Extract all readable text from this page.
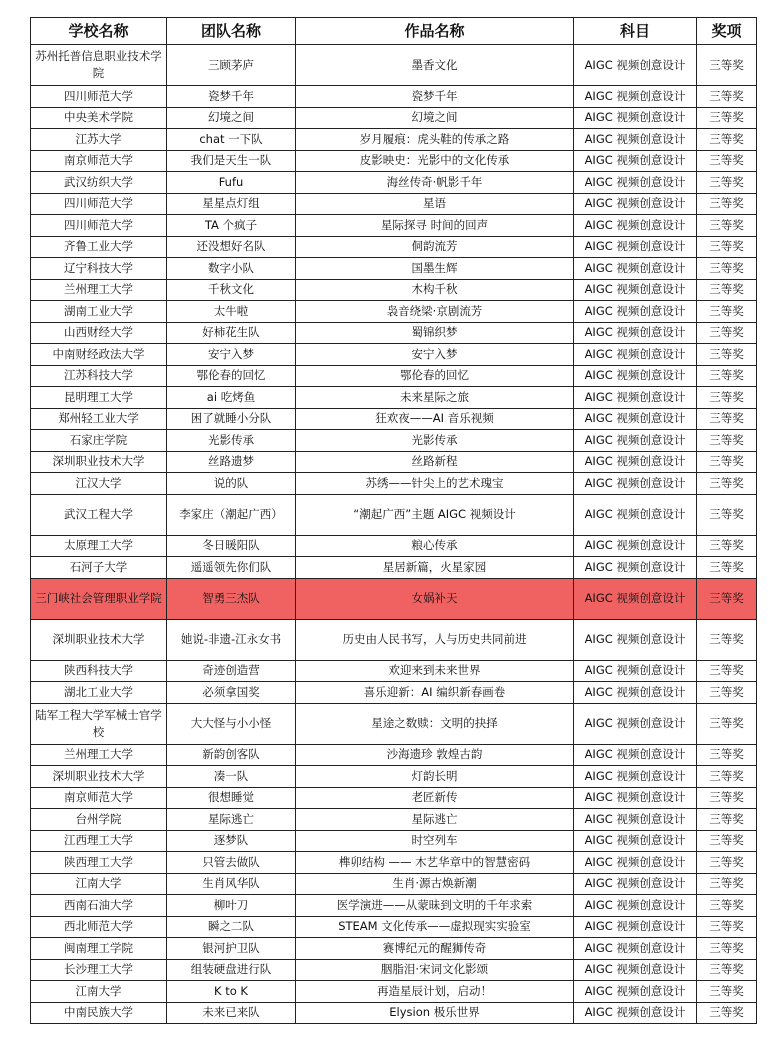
学校名称	团队名称	作品名称	科目	奖项
苏州托普信息职业技术学院	三顾茅庐	墨香文化	AIGC 视频创意设计	三等奖
四川师范大学	瓷梦千年	瓷梦千年	AIGC 视频创意设计	三等奖
中央美术学院	幻境之间	幻境之间	AIGC 视频创意设计	三等奖
江苏大学	chat 一下队	岁月履痕：虎头鞋的传承之路	AIGC 视频创意设计	三等奖
南京师范大学	我们是天生一队	皮影映史：光影中的文化传承	AIGC 视频创意设计	三等奖
武汉纺织大学	Fufu	海丝传奇·帆影千年	AIGC 视频创意设计	三等奖
四川师范大学	星星点灯组	星语	AIGC 视频创意设计	三等奖
四川师范大学	TA 个疯子	星际探寻 时间的回声	AIGC 视频创意设计	三等奖
齐鲁工业大学	还没想好名队	侗韵流芳	AIGC 视频创意设计	三等奖
辽宁科技大学	数字小队	国墨生辉	AIGC 视频创意设计	三等奖
兰州理工大学	千秋文化	木构千秋	AIGC 视频创意设计	三等奖
湖南工业大学	太牛啦	袅音绕梁·京剧流芳	AIGC 视频创意设计	三等奖
山西财经大学	好柿花生队	蜀锦织梦	AIGC 视频创意设计	三等奖
中南财经政法大学	安宁入梦	安宁入梦	AIGC 视频创意设计	三等奖
江苏科技大学	鄂伦春的回忆	鄂伦春的回忆	AIGC 视频创意设计	三等奖
昆明理工大学	ai 吃烤鱼	未来星际之旅	AIGC 视频创意设计	三等奖
郑州轻工业大学	困了就睡小分队	狂欢夜——AI 音乐视频	AIGC 视频创意设计	三等奖
石家庄学院	光影传承	光影传承	AIGC 视频创意设计	三等奖
深圳职业技术大学	丝路遗梦	丝路新程	AIGC 视频创意设计	三等奖
江汉大学	说的队	苏绣——针尖上的艺术瑰宝	AIGC 视频创意设计	三等奖
武汉工程大学	李家庄（潮起广西）	“潮起广西”主题 AIGC 视频设计	AIGC 视频创意设计	三等奖
太原理工大学	冬日暖阳队	粮心传承	AIGC 视频创意设计	三等奖
石河子大学	遥遥领先你们队	星居新篇，火星家园	AIGC 视频创意设计	三等奖
三门峡社会管理职业学院	智勇三杰队	女娲补天	AIGC 视频创意设计	三等奖
深圳职业技术大学	她说-非遗-江永女书	历史由人民书写，人与历史共同前进	AIGC 视频创意设计	三等奖
陕西科技大学	奇迹创造营	欢迎来到未来世界	AIGC 视频创意设计	三等奖
湖北工业大学	必须拿国奖	喜乐迎新：AI 编织新春画卷	AIGC 视频创意设计	三等奖
陆军工程大学军械士官学校	大大怪与小小怪	星途之数赎：文明的抉择	AIGC 视频创意设计	三等奖
兰州理工大学	新韵创客队	沙海遗珍 敦煌古韵	AIGC 视频创意设计	三等奖
深圳职业技术大学	凑一队	灯韵长明	AIGC 视频创意设计	三等奖
南京师范大学	很想睡觉	老匠新传	AIGC 视频创意设计	三等奖
台州学院	星际逃亡	星际逃亡	AIGC 视频创意设计	三等奖
江西理工大学	逐梦队	时空列车	AIGC 视频创意设计	三等奖
陕西理工大学	只管去做队	榫卯结构 —— 木艺华章中的智慧密码	AIGC 视频创意设计	三等奖
江南大学	生肖风华队	生肖·源古焕新潮	AIGC 视频创意设计	三等奖
西南石油大学	柳叶刀	医学演进——从蒙昧到文明的千年求索	AIGC 视频创意设计	三等奖
西北师范大学	瞬之二队	STEAM 文化传承——虚拟现实实验室	AIGC 视频创意设计	三等奖
闽南理工学院	银河护卫队	赛博纪元的醒狮传奇	AIGC 视频创意设计	三等奖
长沙理工大学	组装硬盘进行队	胭脂泪·宋词文化影颂	AIGC 视频创意设计	三等奖
江南大学	K to K	再造星辰计划，启动！	AIGC 视频创意设计	三等奖
中南民族大学	未来已来队	Elysion 极乐世界	AIGC 视频创意设计	三等奖
